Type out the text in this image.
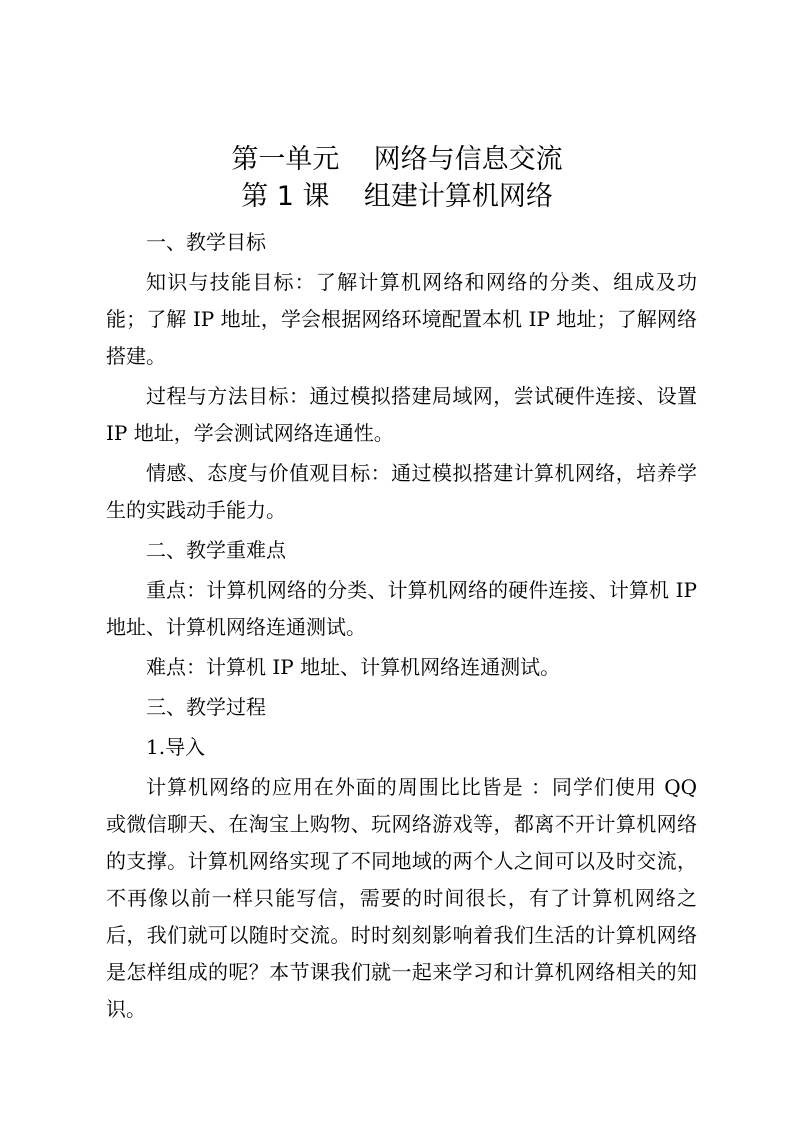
第一单元    网络与信息交流
第 1 课    组建计算机网络

一、教学目标

知识与技能目标：了解计算机网络和网络的分类、组成及功能；了解 IP 地址，学会根据网络环境配置本机 IP 地址；了解网络搭建。

过程与方法目标：通过模拟搭建局域网，尝试硬件连接、设置 IP 地址，学会测试网络连通性。

情感、态度与价值观目标：通过模拟搭建计算机网络，培养学生的实践动手能力。

二、教学重难点

重点：计算机网络的分类、计算机网络的硬件连接、计算机 IP 地址、计算机网络连通测试。

难点：计算机 IP 地址、计算机网络连通测试。

三、教学过程

1.导入

计算机网络的应用在外面的周围比比皆是 ：同学们使用 QQ 或微信聊天、在淘宝上购物、玩网络游戏等，都离不开计算机网络的支撑。计算机网络实现了不同地域的两个人之间可以及时交流，不再像以前一样只能写信，需要的时间很长，有了计算机网络之后，我们就可以随时交流。时时刻刻影响着我们生活的计算机网络是怎样组成的呢？本节课我们就一起来学习和计算机网络相关的知识。
